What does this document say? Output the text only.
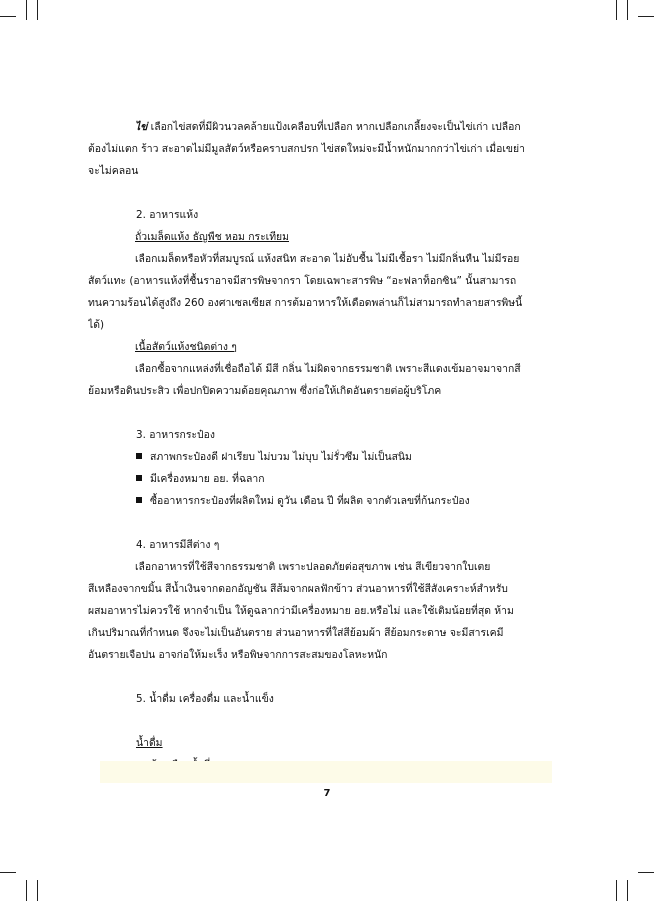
ไข่ เลือกไข่สดที่มีผิวนวลคล้ายแป้งเคลือบที่เปลือก หากเปลือกเกลี้ยงจะเป็นไข่เก่า เปลือก
ต้องไม่แตก ร้าว สะอาดไม่มีมูลสัตว์หรือคราบสกปรก ไข่สดใหม่จะมีน้ำหนักมากกว่าไข่เก่า เมื่อเขย่า
จะไม่คลอน
2. อาหารแห้ง
ถั่วเมล็ดแห้ง ธัญพืช หอม กระเทียม
เลือกเมล็ดหรือหัวที่สมบูรณ์ แห้งสนิท สะอาด ไม่อับชื้น ไม่มีเชื้อรา ไม่มีกลิ่นหืน ไม่มีรอย
สัตว์แทะ (อาหารแห้งที่ชื้นราอาจมีสารพิษจากรา โดยเฉพาะสารพิษ “อะฟลาท็อกซิน” นั้นสามารถ
ทนความร้อนได้สูงถึง 260 องศาเซลเซียส การต้มอาหารให้เดือดพล่านก็ไม่สามารถทำลายสารพิษนี้
ได้)
เนื้อสัตว์แห้งชนิดต่าง ๆ
เลือกซื้อจากแหล่งที่เชื่อถือได้ มีสี กลิ่น ไม่ผิดจากธรรมชาติ เพราะสีแดงเข้มอาจมาจากสี
ย้อมหรือดินประสิว เพื่อปกปิดความด้อยคุณภาพ ซึ่งก่อให้เกิดอันตรายต่อผู้บริโภค
3. อาหารกระป๋อง
สภาพกระป๋องดี ฝาเรียบ ไม่บวม ไม่บุบ ไม่รั่วซึม ไม่เป็นสนิม
มีเครื่องหมาย อย. ที่ฉลาก
ซื้ออาหารกระป๋องที่ผลิตใหม่ ดูวัน เดือน ปี ที่ผลิต จากตัวเลขที่ก้นกระป๋อง
4. อาหารมีสีต่าง ๆ
เลือกอาหารที่ใช้สีจากธรรมชาติ เพราะปลอดภัยต่อสุขภาพ เช่น สีเขียวจากใบเตย
สีเหลืองจากขมิ้น สีน้ำเงินจากดอกอัญชัน สีส้มจากผลฟักข้าว ส่วนอาหารที่ใช้สีสังเคราะห์สำหรับ
ผสมอาหารไม่ควรใช้ หากจำเป็น ให้ดูฉลากว่ามีเครื่องหมาย อย.หรือไม่ และใช้เติมน้อยที่สุด ห้าม
เกินปริมาณที่กำหนด จึงจะไม่เป็นอันตราย ส่วนอาหารที่ใส่สีย้อมผ้า สีย้อมกระดาษ จะมีสารเคมี
อันตรายเจือปน อาจก่อให้มะเร็ง หรือพิษจากการสะสมของโลหะหนัก
5. น้ำดื่ม เครื่องดื่ม และน้ำแข็ง
น้ำดื่ม
7
